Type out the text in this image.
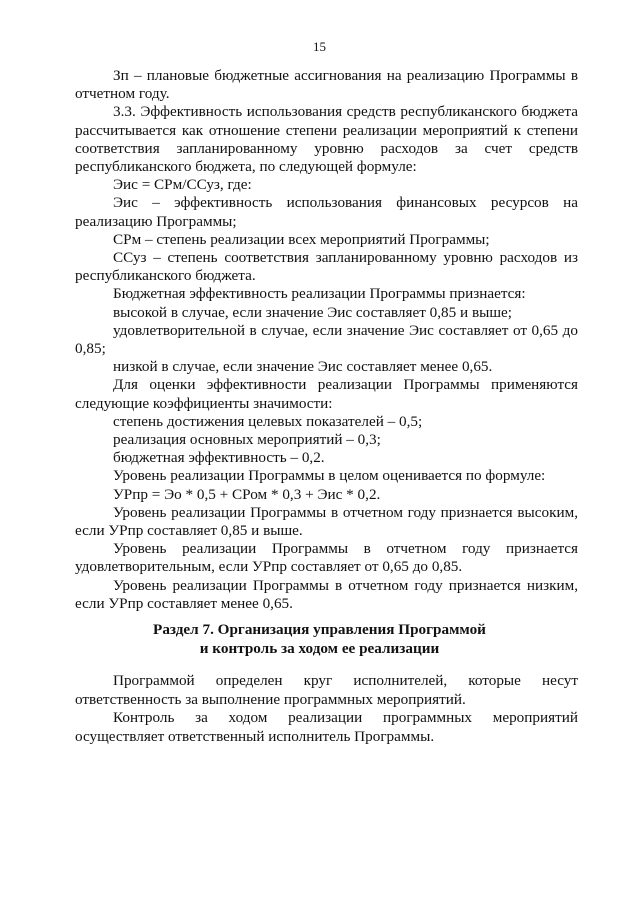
15

Зп – плановые бюджетные ассигнования на реализацию Программы в отчетном году.

3.3. Эффективность использования средств республиканского бюджета рассчитывается как отношение степени реализации мероприятий к степени соответствия запланированному уровню расходов за счет средств республиканского бюджета, по следующей формуле:

Эис = СРм/ССуз, где:

Эис – эффективность использования финансовых ресурсов на реализацию Программы;

СРм – степень реализации всех мероприятий Программы;

ССуз – степень соответствия запланированному уровню расходов из республиканского бюджета.

Бюджетная эффективность реализации Программы признается:

высокой в случае, если значение Эис составляет 0,85 и выше;

удовлетворительной в случае, если значение Эис составляет от 0,65 до 0,85;

низкой в случае, если значение Эис составляет менее 0,65.

Для оценки эффективности реализации Программы применяются следующие коэффициенты значимости:

степень достижения целевых показателей – 0,5;

реализация основных мероприятий – 0,3;

бюджетная эффективность – 0,2.

Уровень реализации Программы в целом оценивается по формуле:

УРпр = Эо * 0,5 + СРом * 0,3 + Эис * 0,2.

Уровень реализации Программы в отчетном году признается высоким, если УРпр составляет 0,85 и выше.

Уровень реализации Программы в отчетном году признается удовлетворительным, если УРпр составляет от 0,65 до 0,85.

Уровень реализации Программы в отчетном году признается низким, если УРпр составляет менее 0,65.

Раздел 7. Организация управления Программой
и контроль за ходом ее реализации

Программой определен круг исполнителей, которые несут ответственность за выполнение программных мероприятий.

Контроль за ходом реализации программных мероприятий осуществляет ответственный исполнитель Программы.
